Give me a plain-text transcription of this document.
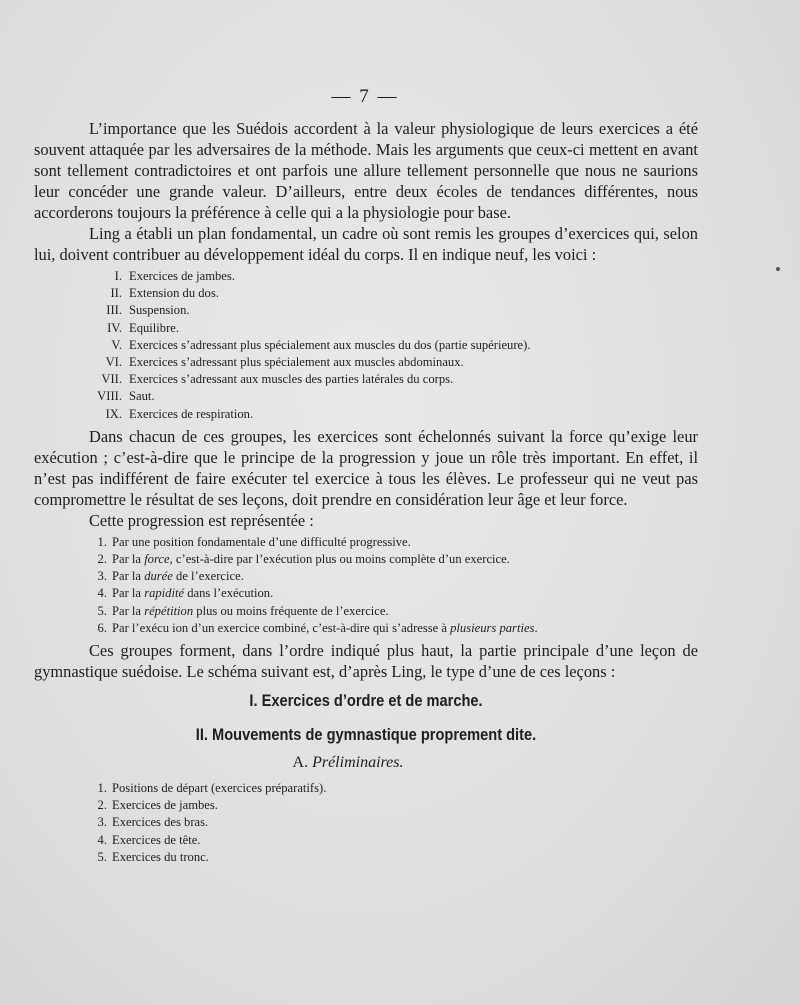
— 7 —

L’importance que les Suédois accordent à la valeur physiologique de leurs exercices a été souvent attaquée par les adversaires de la méthode. Mais les arguments que ceux-ci mettent en avant sont tellement contradictoires et ont parfois une allure tellement personnelle que nous ne saurions leur concéder une grande valeur. D’ailleurs, entre deux écoles de tendances différentes, nous accorderons toujours la préférence à celle qui a la physiologie pour base.

Ling a établi un plan fondamental, un cadre où sont remis les groupes d’exercices qui, selon lui, doivent contribuer au développement idéal du corps. Il en indique neuf, les voici :

I. Exercices de jambes.
II. Extension du dos.
III. Suspension.
IV. Equilibre.
V. Exercices s’adressant plus spécialement aux muscles du dos (partie supérieure).
VI. Exercices s’adressant plus spécialement aux muscles abdominaux.
VII. Exercices s’adressant aux muscles des parties latérales du corps.
VIII. Saut.
IX. Exercices de respiration.

Dans chacun de ces groupes, les exercices sont échelonnés suivant la force qu’exige leur exécution ; c’est-à-dire que le principe de la progression y joue un rôle très important. En effet, il n’est pas indifférent de faire exécuter tel exercice à tous les élèves. Le professeur qui ne veut pas compromettre le résultat de ses leçons, doit prendre en considération leur âge et leur force.

Cette progression est représentée :

1. Par une position fondamentale d’une difficulté progressive.
2. Par la force, c’est-à-dire par l’exécution plus ou moins complète d’un exercice.
3. Par la durée de l’exercice.
4. Par la rapidité dans l’exécution.
5. Par la répétition plus ou moins fréquente de l’exercice.
6. Par l’exécu ion d’un exercice combiné, c’est-à-dire qui s’adresse à plusieurs parties.

Ces groupes forment, dans l’ordre indiqué plus haut, la partie principale d’une leçon de gymnastique suédoise. Le schéma suivant est, d’après Ling, le type d’une de ces leçons :

I. Exercices d’ordre et de marche.
II. Mouvements de gymnastique proprement dite.
A. Préliminaires.
1. Positions de départ (exercices préparatifs).
2. Exercices de jambes.
3. Exercices des bras.
4. Exercices de tête.
5. Exercices du tronc.
